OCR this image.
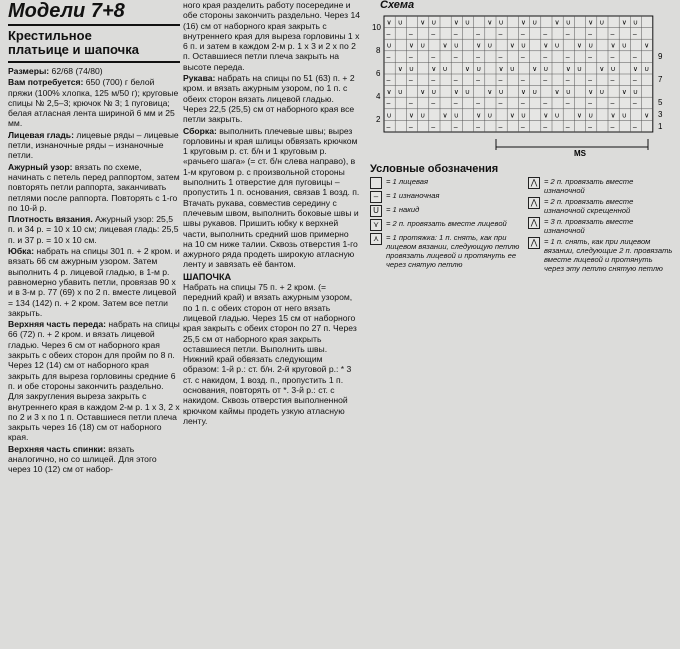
Модели 7+8
Крестильное
платьице и шапочка

Размеры: 62/68 (74/80)

Вам потребуется: 650 (700) г белой пряжи (100% хлопка, 125 м/50 г); круговые спицы № 2,5–3; крючок № 3; 1 пуговица; белая атласная лента шириной 6 мм и 25 мм.

Лицевая гладь: лицевые ряды – лицевые петли, изнаночные ряды – изнаночные петли.

Ажурный узор: вязать по схеме, начинать с петель перед раппортом, затем повторять петли раппорта, заканчивать петлями после раппорта. Повторять с 1-го по 10-й р.

Плотность вязания. Ажурный узор: 25,5 п. и 34 р. = 10 х 10 см; лицевая гладь: 25,5 п. и 37 р. = 10 х 10 см.

Юбка: набрать на спицы 301 п. + 2 кром. и вязать 66 см ажурным узором. Затем выполнить 4 р. лицевой гладью, в 1-м р. равномерно убавить петли, провязав 90 х и в 3-м р. 77 (69) х по 2 п. вместе лицевой = 134 (142) п. + 2 кром. Затем все петли закрыть.

Верхняя часть переда: набрать на спицы 66 (72) п. + 2 кром. и вязать лицевой гладью. Через 6 см от наборного края закрыть с обеих сторон для пройм по 8 п. Через 12 (14) см от наборного края закрыть для выреза горловины средние 6 п. и обе стороны закончить раздельно. Для закругления выреза закрыть с внутреннего края в каждом 2-м р. 1 х 3, 2 х по 2 и 3 х по 1 п. Оставшиеся петли плеча закрыть через 16 (18) см от наборного края.

Верхняя часть спинки: вязать аналогично, но со шлицей. Для этого через 10 (12) см от набор-

ного края разделить работу посередине и обе стороны закончить раздельно. Через 14 (16) см от наборного края закрыть с внутреннего края для выреза горловины 1 х 6 п. и затем в каждом 2-м р. 1 х 3 и 2 х по 2 п. Оставшиеся петли плеча закрыть на высоте переда.

Рукава: набрать на спицы по 51 (63) п. + 2 кром. и вязать ажурным узором, по 1 п. с обеих сторон вязать лицевой гладью. Через 22,5 (25,5) см от наборного края все петли закрыть.

Сборка: выполнить плечевые швы; вырез горловины и края шлицы обвязать крючком 1 круговым р. ст. б/н и 1 круговым р. «рачьего шага» (= ст. б/н слева направо), в 1-м круговом р. с произвольной стороны выполнить 1 отверстие для пуговицы – пропустить 1 п. основания, связав 1 возд. п. Втачать рукава, совместив середину с плечевым швом, выполнить боковые швы и швы рукавов. Пришить юбку к верхней части, выполнить средний шов примерно на 10 см ниже талии. Сквозь отверстия 1-го ажурного ряда продеть широкую атласную ленту и завязать её бантом.

ШАПОЧКА

Набрать на спицы 75 п. + 2 кром. (= передний край) и вязать ажурным узором, по 1 п. с обеих сторон от него вязать лицевой гладью. Через 15 см от наборного края закрыть с обеих сторон по 27 п. Через 25,5 см от наборного края закрыть оставшиеся петли. Выполнить швы. Нижний край обвязать следующим образом: 1-й р.: ст. б/н. 2-й круговой р.: * 3 ст. с накидом, 1 возд. п., пропустить 1 п. основания, повторять от *. 3-й р.: ст. с накидом. Сквозь отверстия выполненной крючком каймы продеть узкую атласную ленту.

Схема
∨ ∪ ∨ ∪ ∨ ∪ ∨ ∪ ∨ ∪ ∨ ∪ ∨ ∪ ∨ ∪
–	–	–	–	–	–	–	–	–	–	–	–
∪ ∨ ∪ ∨ ∪ ∨ ∪ ∨ ∪ ∨ ∪ ∨ ∪ ∨ ∪ ∨
–	–	–	–	–	–	–	–	–	–	–	–
∨ ∪ ∨ ∪ ∨ ∪ ∨ ∪ ∨ ∪ ∨ ∪ ∨ ∪ ∨ ∪
–	–	–	–	–	–	–	–	–	–	–	–
∨ ∪ ∨ ∪ ∨ ∪ ∨ ∪ ∨ ∪ ∨ ∪ ∨ ∪ ∨ ∪
–	–	–	–	–	–	–	–	–	–	–	–
∪ ∨ ∪ ∨ ∪ ∨ ∪ ∨ ∪ ∨ ∪ ∨ ∪ ∨ ∪ ∨
–	–	–	–	–	–	–	–	–	–	–	–
10
8
6
4
2
9
7
5
3
1
MS
Условные обозначения
= 1 лицевая
–	= 1 изнаночная
U = 1 накид
⋎ = 2 п. провязать вместе лицевой
⋏ = 1 протяжка: 1 п. снять, как при лицевом вязании, следующую петлю провязать лицевой и протянуть ее через снятую петлю
⋀ = 2 п. провязать вместе изнаночной
⋀ = 2 п. провязать вместе изнаночной скрещенной
⋀ = 3 п. провязать вместе изнаночной
⋀ = 1 п. снять, как при лицевом вязании, следующие 2 п. провязать вместе лицевой и протянуть через эту петлю снятую петлю
1/2
переда
и спинки
5 6 5
10
(12)
6
66
13
(14)
16,5
(18,5)
10
(12)
1/2
рукава
25,5
(22,5)
4	10,5
10,5
15
25,5
1/2
шапочки
14,5
